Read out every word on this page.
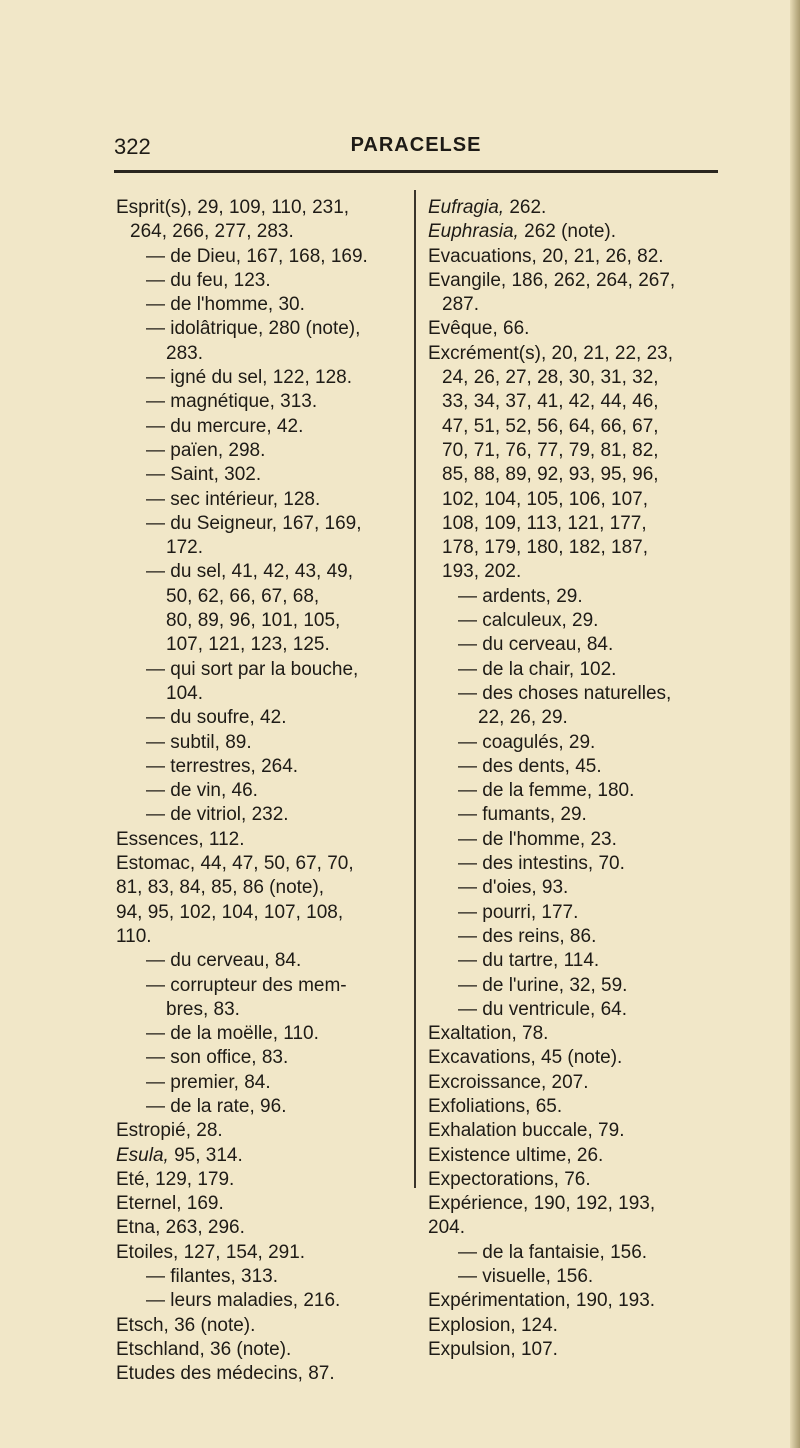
322	PARACELSE
Esprit(s), 29, 109, 110, 231,
264, 266, 277, 283.
— de Dieu, 167, 168, 169.
— du feu, 123.
— de l'homme, 30.
— idolâtrique, 280 (note),
283.
— igné du sel, 122, 128.
— magnétique, 313.
— du mercure, 42.
— païen, 298.
— Saint, 302.
— sec intérieur, 128.
— du Seigneur, 167, 169,
172.
— du sel, 41, 42, 43, 49,
50, 62, 66, 67, 68,
80, 89, 96, 101, 105,
107, 121, 123, 125.
— qui sort par la bouche,
104.
— du soufre, 42.
— subtil, 89.
— terrestres, 264.
— de vin, 46.
— de vitriol, 232.
Essences, 112.
Estomac, 44, 47, 50, 67, 70,
81, 83, 84, 85, 86 (note),
94, 95, 102, 104, 107, 108,
110.
— du cerveau, 84.
— corrupteur des mem-
bres, 83.
— de la moëlle, 110.
— son office, 83.
— premier, 84.
— de la rate, 96.
Estropié, 28.
Esula, 95, 314.
Eté, 129, 179.
Eternel, 169.
Etna, 263, 296.
Etoiles, 127, 154, 291.
— filantes, 313.
— leurs maladies, 216.
Etsch, 36 (note).
Etschland, 36 (note).
Etudes des médecins, 87.
Eufragia, 262.
Euphrasia, 262 (note).
Evacuations, 20, 21, 26, 82.
Evangile, 186, 262, 264, 267,
287.
Evêque, 66.
Excrément(s), 20, 21, 22, 23,
24, 26, 27, 28, 30, 31, 32,
33, 34, 37, 41, 42, 44, 46,
47, 51, 52, 56, 64, 66, 67,
70, 71, 76, 77, 79, 81, 82,
85, 88, 89, 92, 93, 95, 96,
102, 104, 105, 106, 107,
108, 109, 113, 121, 177,
178, 179, 180, 182, 187,
193, 202.
— ardents, 29.
— calculeux, 29.
— du cerveau, 84.
— de la chair, 102.
— des choses naturelles,
22, 26, 29.
— coagulés, 29.
— des dents, 45.
— de la femme, 180.
— fumants, 29.
— de l'homme, 23.
— des intestins, 70.
— d'oies, 93.
— pourri, 177.
— des reins, 86.
— du tartre, 114.
— de l'urine, 32, 59.
— du ventricule, 64.
Exaltation, 78.
Excavations, 45 (note).
Excroissance, 207.
Exfoliations, 65.
Exhalation buccale, 79.
Existence ultime, 26.
Expectorations, 76.
Expérience, 190, 192, 193,
204.
— de la fantaisie, 156.
— visuelle, 156.
Expérimentation, 190, 193.
Explosion, 124.
Expulsion, 107.
